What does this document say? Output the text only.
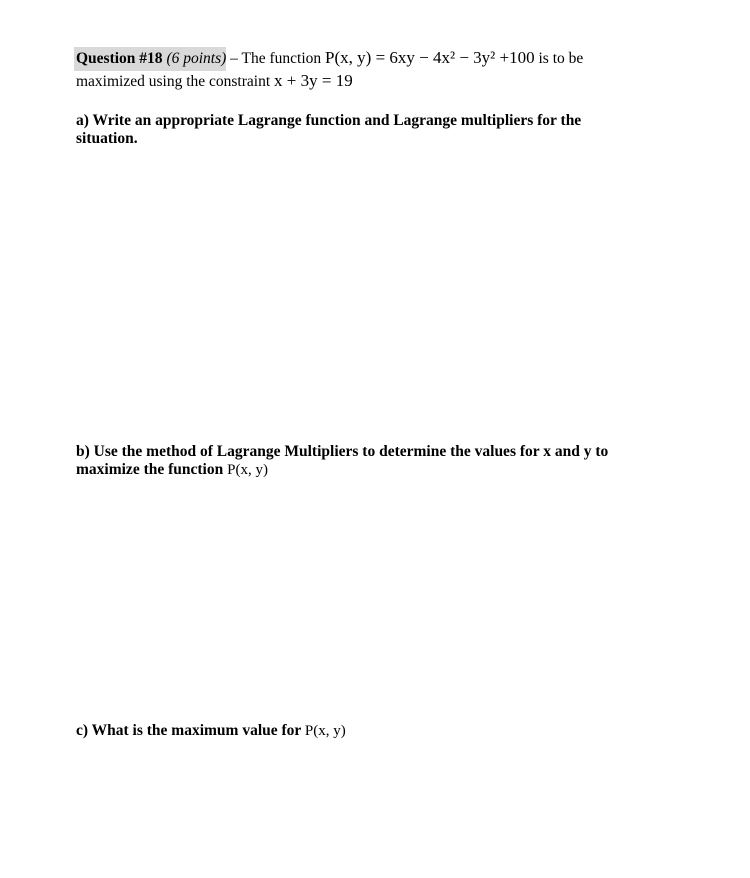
Question #18 (6 points) – The function P(x, y) = 6xy − 4x² − 3y² +100 is to be
maximized using the constraint x + 3y = 19
a) Write an appropriate Lagrange function and Lagrange multipliers for the
situation.
b) Use the method of Lagrange Multipliers to determine the values for x and y to
maximize the function P(x, y)
c) What is the maximum value for P(x, y)
